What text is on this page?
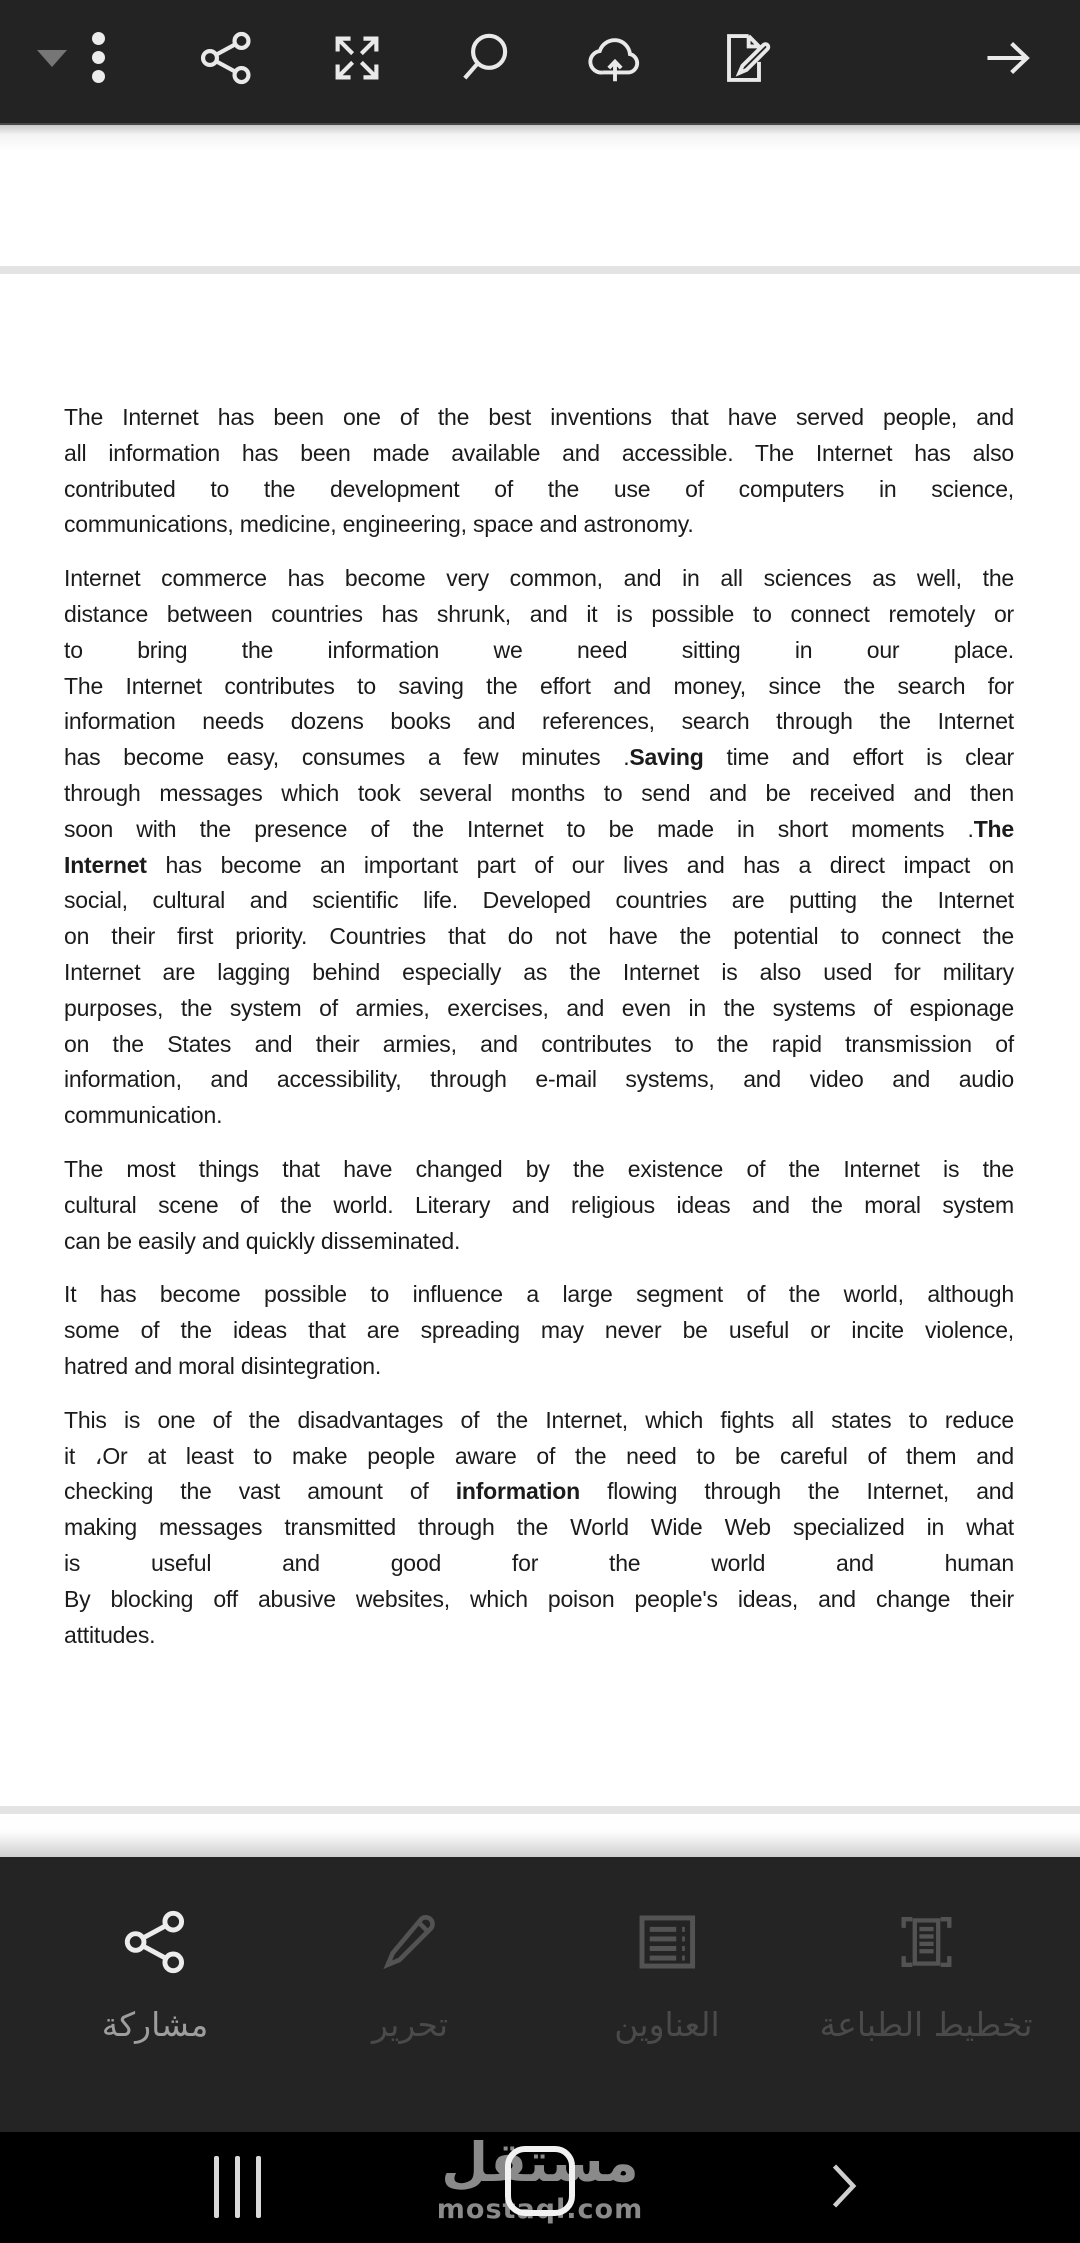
The Internet has been one of the best inventions that have served people, and
all information has been made available and accessible. The Internet has also
contributed to the development of the use of computers in science,
communications, medicine, engineering, space and astronomy.
Internet commerce has become very common, and in all sciences as well, the
distance between countries has shrunk, and it is possible to connect remotely or
to bring the information we need sitting in our place.
The Internet contributes to saving the effort and money, since the search for
information needs dozens books and references, search through the Internet
has become easy, consumes a few minutes .Saving time and effort is clear
through messages which took several months to send and be received and then
soon with the presence of the Internet to be made in short moments .The
Internet has become an important part of our lives and has a direct impact on
social, cultural and scientific life. Developed countries are putting the Internet
on their first priority. Countries that do not have the potential to connect the
Internet are lagging behind especially as the Internet is also used for military
purposes, the system of armies, exercises, and even in the systems of espionage
on the States and their armies, and contributes to the rapid transmission of
information, and accessibility, through e-mail systems, and video and audio
communication.
The most things that have changed by the existence of the Internet is the
cultural scene of the world. Literary and religious ideas and the moral system
can be easily and quickly disseminated.
It has become possible to influence a large segment of the world, although
some of the ideas that are spreading may never be useful or incite violence,
hatred and moral disintegration.
This is one of the disadvantages of the Internet, which fights all states to reduce
it ،Or at least to make people aware of the need to be careful of them and
checking the vast amount of information flowing through the Internet, and
making messages transmitted through the World Wide Web specialized in what
is useful and good for the world and human
By blocking off abusive websites, which poison people's ideas, and change their
attitudes.
مشاركة	تحرير	العناوين	تخطيط الطباعة
مستقل
mostaql.com
